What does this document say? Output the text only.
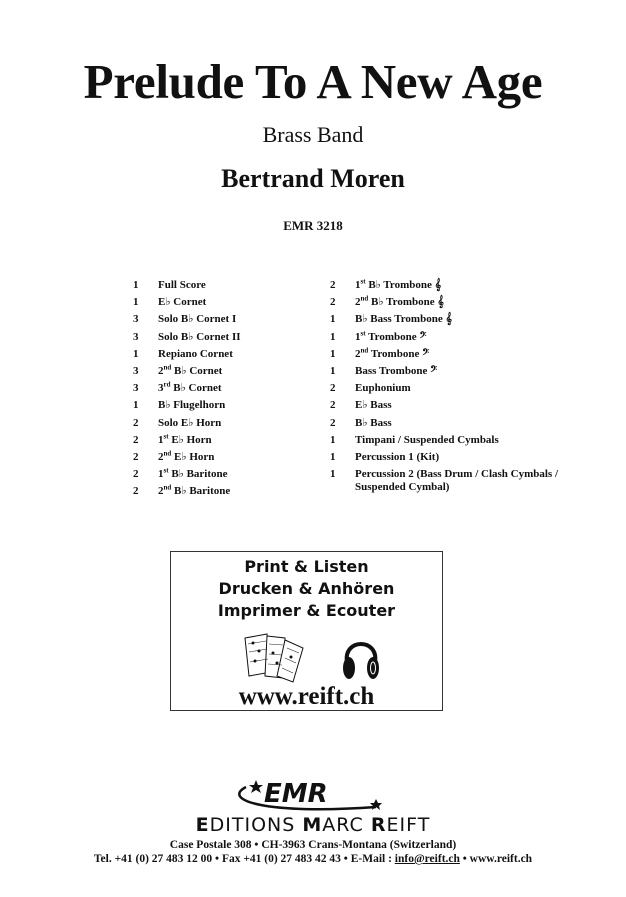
Prelude To A New Age
Brass Band
Bertrand Moren
EMR 3218
1	Full Score
1	E♭ Cornet
3	Solo B♭ Cornet I
3	Solo B♭ Cornet II
1	Repiano Cornet
3	2nd B♭ Cornet
3	3rd B♭ Cornet
1	B♭ Flugelhorn
2	Solo E♭ Horn
2	1st E♭ Horn
2	2nd E♭ Horn
2	1st B♭ Baritone
2	2nd B♭ Baritone
2	1st B♭ Trombone 𝄞
2	2nd B♭ Trombone 𝄞
1	B♭ Bass Trombone 𝄞
1	1st Trombone 𝄢
1	2nd Trombone 𝄢
1	Bass Trombone 𝄢
2	Euphonium
2	E♭ Bass
2	B♭ Bass
1	Timpani / Suspended Cymbals
1	Percussion 1 (Kit)
1	Percussion 2 (Bass Drum / Clash Cymbals /
Suspended Cymbal)
Print & Listen
Drucken & Anhören
Imprimer & Ecouter
www.reift.ch
EMR
EDITIONS MARC REIFT
Case Postale 308 • CH-3963 Crans-Montana (Switzerland)
Tel. +41 (0) 27 483 12 00 • Fax +41 (0) 27 483 42 43 • E-Mail : info@reift.ch • www.reift.ch
